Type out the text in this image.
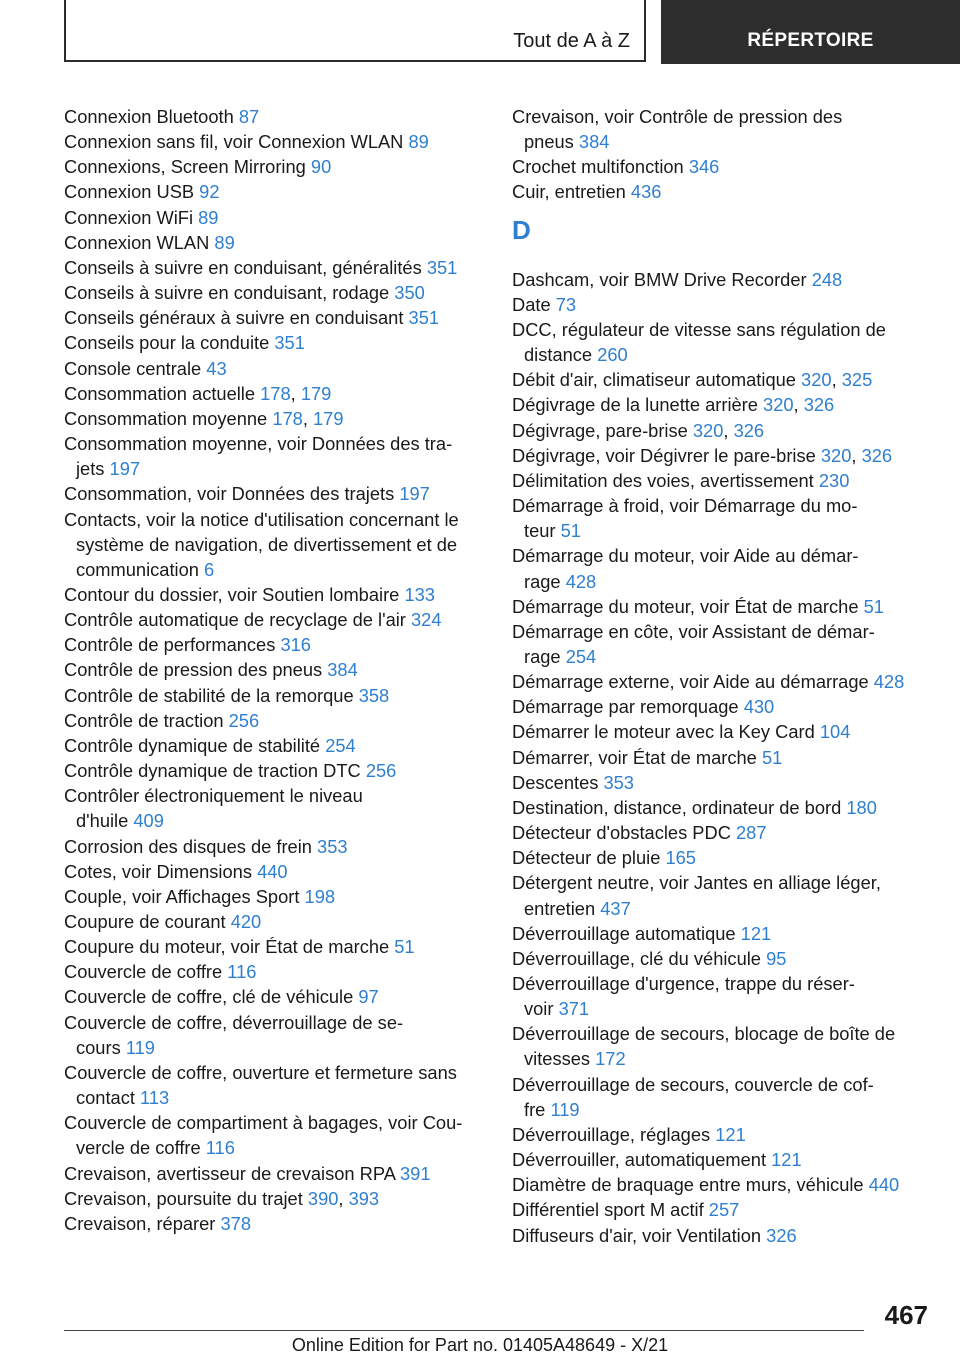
Tout de A à Z	RÉPERTOIRE
Connexion Bluetooth 87
Connexion sans fil, voir Connexion WLAN 89
Connexions, Screen Mirroring 90
Connexion USB 92
Connexion WiFi 89
Connexion WLAN 89
Conseils à suivre en conduisant, généralités 351
Conseils à suivre en conduisant, rodage 350
Conseils généraux à suivre en conduisant 351
Conseils pour la conduite 351
Console centrale 43
Consommation actuelle 178, 179
Consommation moyenne 178, 179
Consommation moyenne, voir Données des tra-
jets 197
Consommation, voir Données des trajets 197
Contacts, voir la notice d'utilisation concernant le
système de navigation, de divertissement et de
communication 6
Contour du dossier, voir Soutien lombaire 133
Contrôle automatique de recyclage de l'air 324
Contrôle de performances 316
Contrôle de pression des pneus 384
Contrôle de stabilité de la remorque 358
Contrôle de traction 256
Contrôle dynamique de stabilité 254
Contrôle dynamique de traction DTC 256
Contrôler électroniquement le niveau
d'huile 409
Corrosion des disques de frein 353
Cotes, voir Dimensions 440
Couple, voir Affichages Sport 198
Coupure de courant 420
Coupure du moteur, voir État de marche 51
Couvercle de coffre 116
Couvercle de coffre, clé de véhicule 97
Couvercle de coffre, déverrouillage de se-
cours 119
Couvercle de coffre, ouverture et fermeture sans
contact 113
Couvercle de compartiment à bagages, voir Cou-
vercle de coffre 116
Crevaison, avertisseur de crevaison RPA 391
Crevaison, poursuite du trajet 390, 393
Crevaison, réparer 378
Crevaison, voir Contrôle de pression des
pneus 384
Crochet multifonction 346
Cuir, entretien 436
D
Dashcam, voir BMW Drive Recorder 248
Date 73
DCC, régulateur de vitesse sans régulation de
distance 260
Débit d'air, climatiseur automatique 320, 325
Dégivrage de la lunette arrière 320, 326
Dégivrage, pare-brise 320, 326
Dégivrage, voir Dégivrer le pare-brise 320, 326
Délimitation des voies, avertissement 230
Démarrage à froid, voir Démarrage du mo-
teur 51
Démarrage du moteur, voir Aide au démar-
rage 428
Démarrage du moteur, voir État de marche 51
Démarrage en côte, voir Assistant de démar-
rage 254
Démarrage externe, voir Aide au démarrage 428
Démarrage par remorquage 430
Démarrer le moteur avec la Key Card 104
Démarrer, voir État de marche 51
Descentes 353
Destination, distance, ordinateur de bord 180
Détecteur d'obstacles PDC 287
Détecteur de pluie 165
Détergent neutre, voir Jantes en alliage léger,
entretien 437
Déverrouillage automatique 121
Déverrouillage, clé du véhicule 95
Déverrouillage d'urgence, trappe du réser-
voir 371
Déverrouillage de secours, blocage de boîte de
vitesses 172
Déverrouillage de secours, couvercle de cof-
fre 119
Déverrouillage, réglages 121
Déverrouiller, automatiquement 121
Diamètre de braquage entre murs, véhicule 440
Différentiel sport M actif 257
Diffuseurs d'air, voir Ventilation 326
467
Online Edition for Part no. 01405A48649 - X/21
